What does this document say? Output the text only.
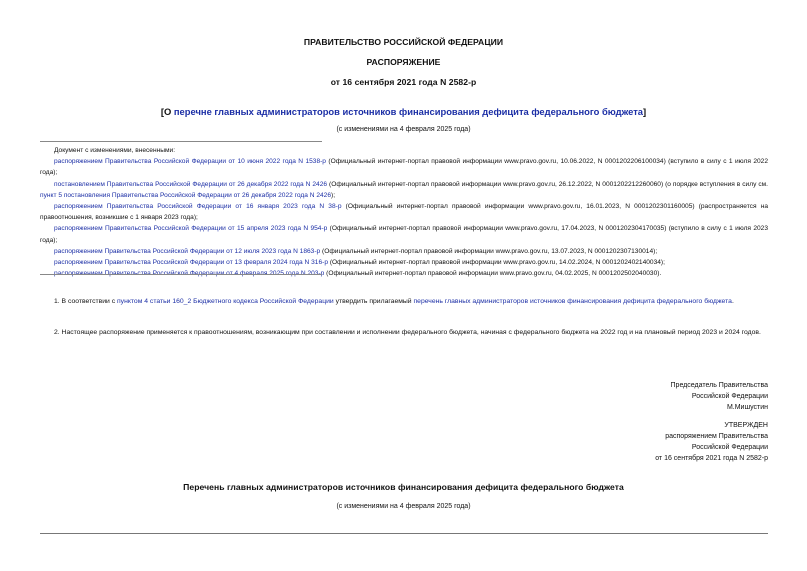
ПРАВИТЕЛЬСТВО РОССИЙСКОЙ ФЕДЕРАЦИИ
РАСПОРЯЖЕНИЕ
от 16 сентября 2021 года N 2582-р
[О перечне главных администраторов источников финансирования дефицита федерального бюджета]
(с изменениями на 4 февраля 2025 года)

Документ с изменениями, внесенными:

распоряжением Правительства Российской Федерации от 10 июня 2022 года N 1538-р (Официальный интернет-портал правовой информации www.pravo.gov.ru, 10.06.2022, N 0001202206100034) (вступило в силу с 1 июля 2022 года);

постановлением Правительства Российской Федерации от 26 декабря 2022 года N 2426 (Официальный интернет-портал правовой информации www.pravo.gov.ru, 26.12.2022, N 0001202212260060) (о порядке вступления в силу см. пункт 5 постановления Правительства Российской Федерации от 26 декабря 2022 года N 2426);

распоряжением Правительства Российской Федерации от 16 января 2023 года N 38-р (Официальный интернет-портал правовой информации www.pravo.gov.ru, 16.01.2023, N 0001202301160005) (распространяется на правоотношения, возникшие с 1 января 2023 года);

распоряжением Правительства Российской Федерации от 15 апреля 2023 года N 954-р (Официальный интернет-портал правовой информации www.pravo.gov.ru, 17.04.2023, N 0001202304170035) (вступило в силу с 1 июля 2023 года);

распоряжением Правительства Российской Федерации от 12 июля 2023 года N 1863-р (Официальный интернет-портал правовой информации www.pravo.gov.ru, 13.07.2023, N 0001202307130014);

распоряжением Правительства Российской Федерации от 13 февраля 2024 года N 316-р (Официальный интернет-портал правовой информации www.pravo.gov.ru, 14.02.2024, N 0001202402140034);

распоряжением Правительства Российской Федерации от 4 февраля 2025 года N 203-р (Официальный интернет-портал правовой информации www.pravo.gov.ru, 04.02.2025, N 0001202502040030).

1. В соответствии с пунктом 4 статьи 160_2 Бюджетного кодекса Российской Федерации утвердить прилагаемый перечень главных администраторов источников финансирования дефицита федерального бюджета.

2. Настоящее распоряжение применяется к правоотношениям, возникающим при составлении и исполнении федерального бюджета, начиная с федерального бюджета на 2022 год и на плановый период 2023 и 2024 годов.

Председатель Правительства
Российской Федерации
М.Мишустин
УТВЕРЖДЕН
распоряжением Правительства
Российской Федерации
от 16 сентября 2021 года N 2582-р
Перечень главных администраторов источников финансирования дефицита федерального бюджета
(с изменениями на 4 февраля 2025 года)
